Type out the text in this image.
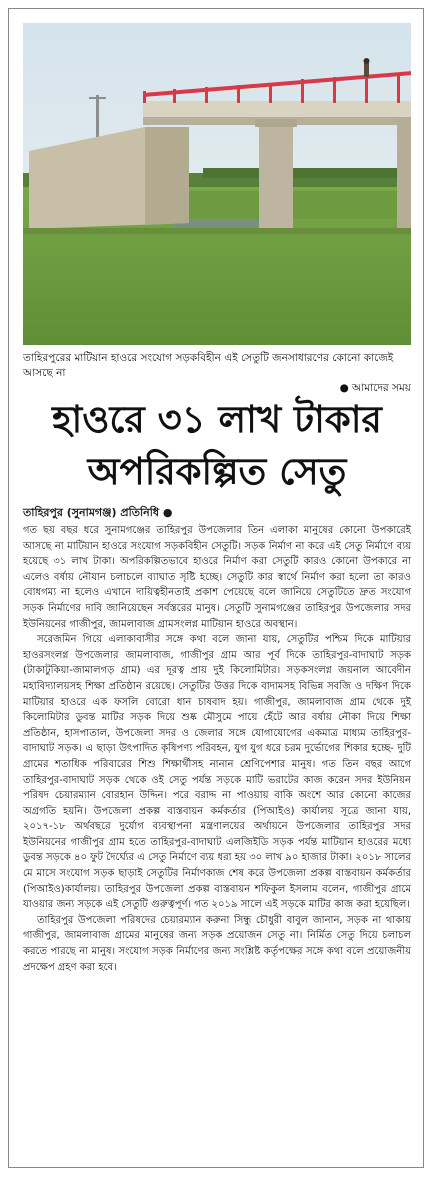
তাহিরপুরের মাটিয়ান হাওরে সংযোগ সড়কবিহীন এই সেতুটি জনসাধারণের কোনো কাজেই আসছে না
● আমাদের সময়
হাওরে ৩১ লাখ টাকার
অপরিকল্পিত সেতু
তাহিরপুর (সুনামগঞ্জ) প্রতিনিধি ●

গত ছয় বছর ধরে সুনামগঞ্জের তাহিরপুর উপজেলার তিন এলাকা মানুষের কোনো উপকারেই আসছে না মাটিয়ান হাওরে সংযোগ সড়কবিহীন সেতুটি। সড়ক নির্মাণ না করে এই সেতু নির্মাণে ব্যয় হয়েছে ৩১ লাখ টাকা। অপরিকল্পিতভাবে হাওরে নির্মাণ করা সেতুটি কারও কোনো উপকারে না এলেও বর্ষায় নৌযান চলাচলে ব্যাঘাত সৃষ্টি হচ্ছে। সেতুটি কার স্বার্থে নির্মাণ করা হলো তা কারও বোধগম্য না হলেও এখানে দায়িত্বহীনতাই প্রকাশ পেয়েছে বলে জানিয়ে সেতুটিতে দ্রুত সংযোগ সড়ক নির্মাণের দাবি জানিয়েছেন সর্বস্তরের মানুষ। সেতুটি সুনামগঞ্জের তাহিরপুর উপজেলার সদর ইউনিয়নের গাজীপুর, জামলাবাজ গ্রামসংলগ্ন মাটিয়ান হাওরে অবস্থান।

সরেজমিন গিয়ে এলাকাবাসীর সঙ্গে কথা বলে জানা যায়, সেতুটির পশ্চিম দিকে মাটিয়ার হাওরসংলগ্ন উপজেলার জামলাবাজ, গাজীপুর গ্রাম আর পূর্ব দিকে তাহিরপুর-বাদাঘাট সড়ক (টাকাটুকিয়া-জামালগড় গ্রাম) এর দূরত্ব প্রায় দুই কিলোমিটার। সড়কসংলগ্ন জয়নাল আবেদীন মহাবিদ্যালয়সহ শিক্ষা প্রতিষ্ঠান রয়েছে। সেতুটির উত্তর দিকে বাদামসহ বিভিন্ন সবজি ও দক্ষিণ দিকে মাটিয়ার হাওরে এক ফসলি বোরো ধান চাষবাদ হয়। গাজীপুর, জামলাবাজ গ্রাম থেকে দুই কিলোমিটার ডুবন্ত মাটির সড়ক দিয়ে শুষ্ক মৌসুমে পায়ে হেঁটে আর বর্ষায় নৌকা দিয়ে শিক্ষা প্রতিষ্ঠান, হাসপাতাল, উপজেলা সদর ও জেলার সঙ্গে যোগাযোগের একমাত্র মাধ্যম তাহিরপুর-বাদাঘাট সড়ক। এ ছাড়া উৎপাদিত কৃষিপণ্য পরিবহন, যুগ যুগ ধরে চরম দুর্ভোগের শিকার হচ্ছে- দুটি গ্রামের শতাধিক পরিবারের শিশু শিক্ষার্থীসহ নানান শ্রেণিপেশার মানুষ। গত তিন বছর আগে তাহিরপুর-বাদাঘাট সড়ক থেকে ওই সেতু পর্যন্ত সড়কে মাটি ভরাটের কাজ করেন সদর ইউনিয়ন পরিষদ চেয়ারম্যান বোরহান উদ্দিন। পরে বরাদ্দ না পাওয়ায় বাকি অংশে আর কোনো কাজের অগ্রগতি হয়নি। উপজেলা প্রকল্প বাস্তবায়ন কর্মকর্তার (পিআইও) কার্যালয় সূত্রে জানা যায়, ২০১৭-১৮ অর্থবছরে দুর্যোগ ব্যবস্থাপনা মন্ত্রণালয়ের অর্থায়নে উপজেলার তাহিরপুর সদর ইউনিয়নের গাজীপুর গ্রাম হতে তাহিরপুর-বাদাঘাট এলজিইডি সড়ক পর্যন্ত মাটিয়ান হাওরের মধ্যে ডুবন্ত সড়কে ৪০ ফুট দৈর্ঘ্যের এ সেতু নির্মাণে ব্যয় ধরা হয় ৩০ লাখ ৯০ হাজার টাকা। ২০১৮ সালের মে মাসে সংযোগ সড়ক ছাড়াই সেতুটির নির্মাণকাজ শেষ করে উপজেলা প্রকল্প বাস্তবায়ন কর্মকর্তার (পিআইও)কার্যালয়। তাহিরপুর উপজেলা প্রকল্প বাস্তবায়ন শফিকুল ইসলাম বলেন, গাজীপুর গ্রামে যাওয়ার জন্য সড়কে এই সেতুটি গুরুত্বপূর্ণ। গত ২০১৯ সালে এই সড়কে মাটির কাজ করা হয়েছিল।

তাহিরপুর উপজেলা পরিষদের চেয়ারম্যান করুনা সিন্ধু চৌধুরী বাবুল জানান, সড়ক না থাকায় গাজীপুর, জামলাবাজ গ্রামের মানুষের জন্য সড়ক প্রয়োজন সেতু না। নির্মিত সেতু দিয়ে চলাচল করতে পারছে না মানুষ। সংযোগ সড়ক নির্মাণের জন্য সংশ্লিষ্ট কর্তৃপক্ষের সঙ্গে কথা বলে প্রয়োজনীয় প্রদক্ষেপ গ্রহণ করা হবে।
